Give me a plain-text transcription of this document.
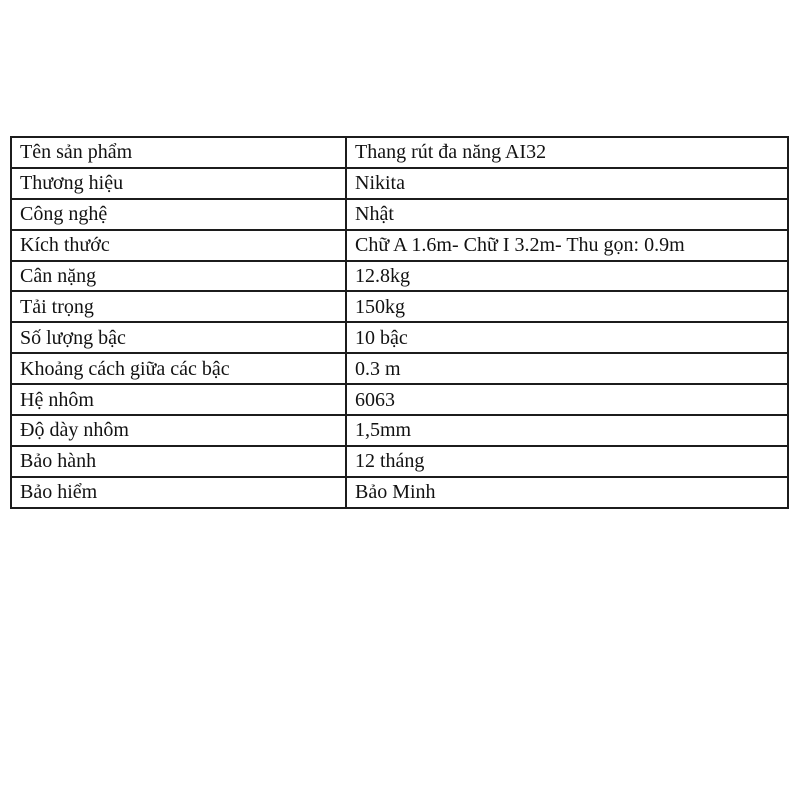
Tên sản phẩm	Thang rút đa năng AI32
Thương hiệu	Nikita
Công nghệ	Nhật
Kích thước	Chữ A 1.6m- Chữ I 3.2m- Thu gọn: 0.9m
Cân nặng	12.8kg
Tải trọng	150kg
Số lượng bậc	10 bậc
Khoảng cách giữa các bậc	0.3 m
Hệ nhôm	6063
Độ dày nhôm	1,5mm
Bảo hành	12 tháng
Bảo hiểm	Bảo Minh
